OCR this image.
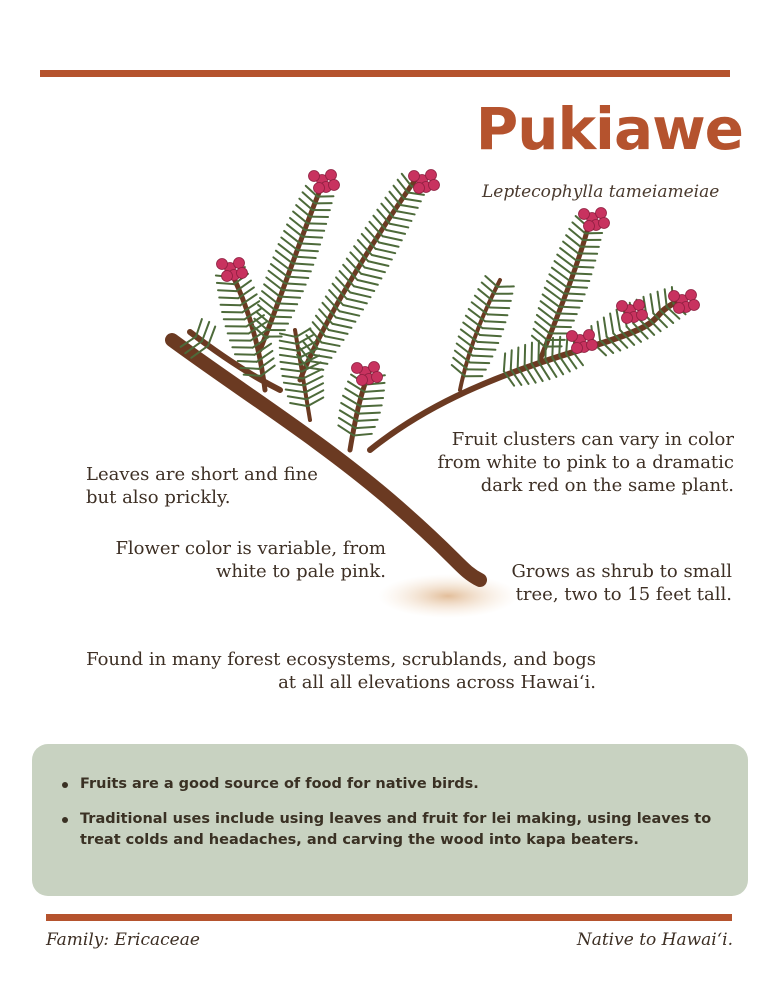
Pukiawe
Leptecophylla tameiameiae
Leaves are short and fine but also prickly.
Flower color is variable, from white to pale pink.
Fruit clusters can vary in color from white to pink to a dramatic dark red on the same plant.
Grows as shrub to small tree, two to 15 feet tall.
Found in many forest ecosystems, scrublands, and bogs at all all elevations across Hawai‘i.
Fruits are a good source of food for native birds.
Traditional uses include using leaves and fruit for lei making, using leaves to treat colds and headaches, and carving the wood into kapa beaters.
Family: Ericaceae	Native to Hawai‘i.
